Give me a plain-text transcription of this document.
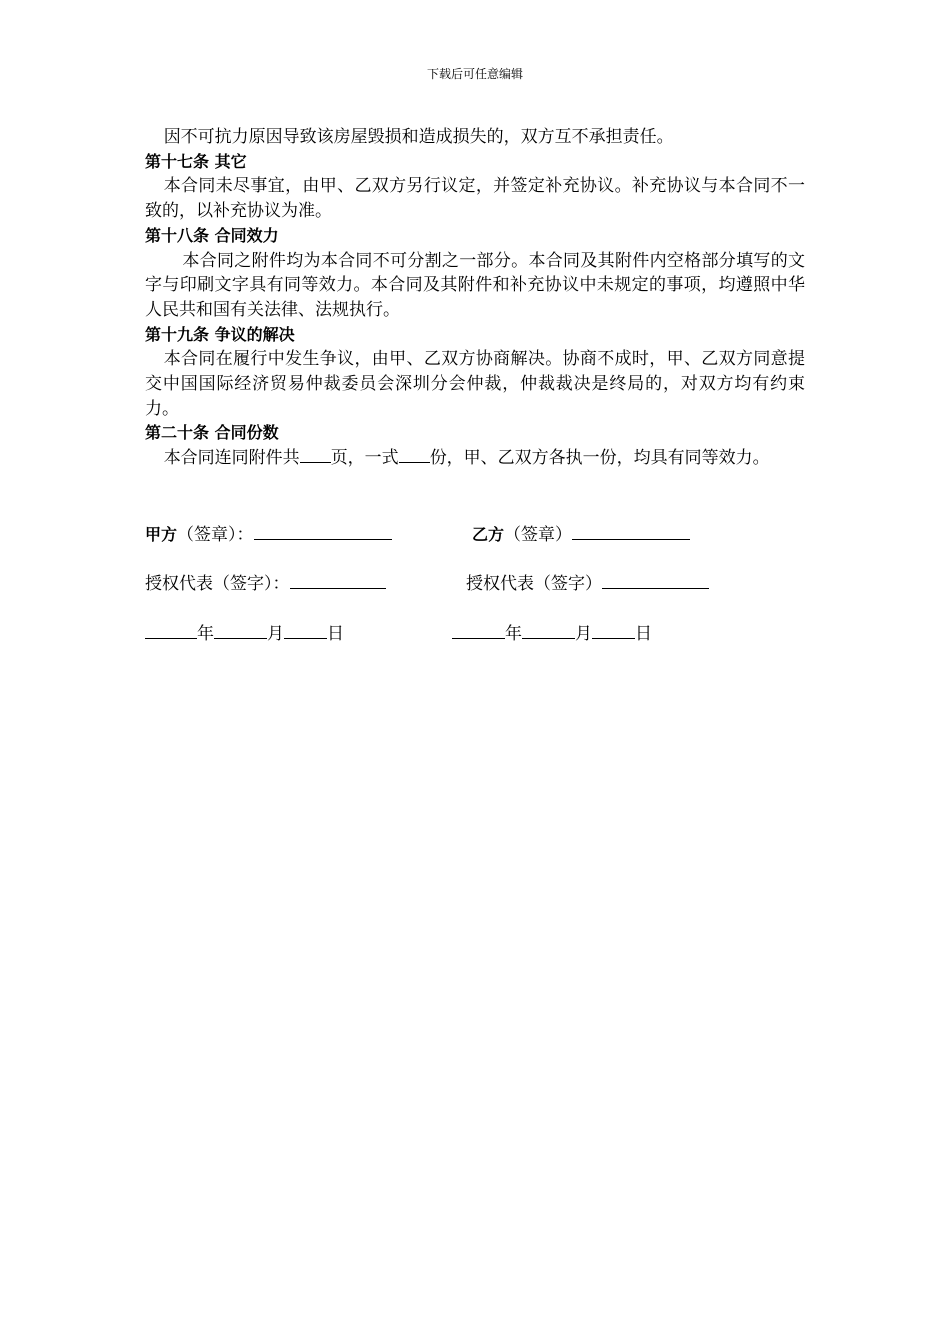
下载后可任意编辑

因不可抗力原因导致该房屋毁损和造成损失的，双方互不承担责任。

第十七条 其它

本合同未尽事宜，由甲、乙双方另行议定，并签定补充协议。补充协议与本合同不一致的，以补充协议为准。

第十八条 合同效力

本合同之附件均为本合同不可分割之一部分。本合同及其附件内空格部分填写的文字与印刷文字具有同等效力。本合同及其附件和补充协议中未规定的事项，均遵照中华人民共和国有关法律、法规执行。

第十九条 争议的解决

本合同在履行中发生争议，由甲、乙双方协商解决。协商不成时，甲、乙双方同意提交中国国际经济贸易仲裁委员会深圳分会仲裁，仲裁裁决是终局的，对双方均有约束力。

第二十条 合同份数

本合同连同附件共 页，一式 份，甲、乙双方各执一份，均具有同等效力。

甲方（签章）：	乙方（签章）
授权代表（签字）：	授权代表（签字）
年	月	日	年	月	日
